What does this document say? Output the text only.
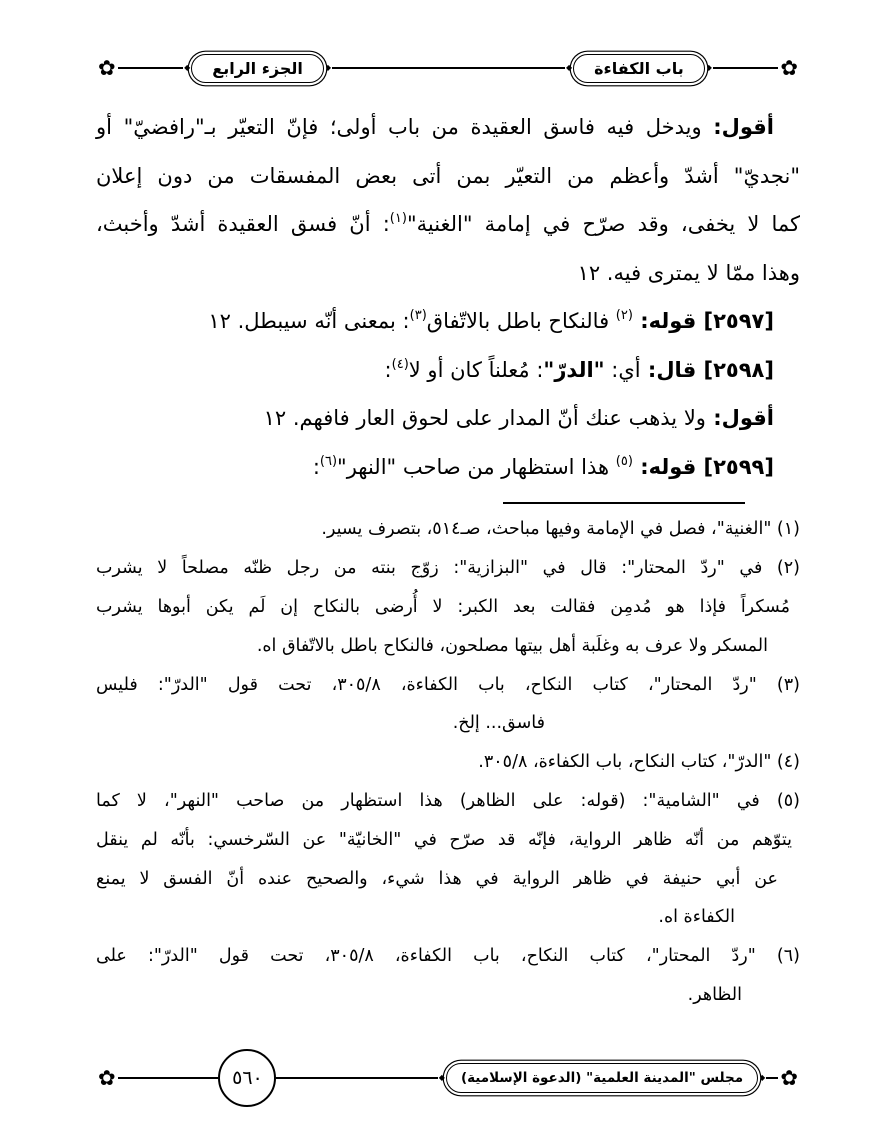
✿
◆
باب الكفاءة
◆
◆
الجزء الرابع
◆
✿
أقول: ويدخل فيه فاسق العقيدة من باب أولى؛ فإنّ التعيّر بـ"رافضيّ" أو
"نجديّ" أشدّ وأعظم من التعيّر بمن أتى بعض المفسقات من دون إعلان
كما لا يخفى، وقد صرّح في إمامة "الغنية"$^{(١)}$: أنّ فسق العقيدة أشدّ وأخبث،
وهذا ممّا لا يمترى فيه. ١٢
[٢٥٩٧] قوله: $^{(٢)}$ فالنكاح باطل بالاتّفاق$^{(٣)}$: بمعنى أنّه سيبطل. ١٢
[٢٥٩٨] قال: أي: "الدرّ": مُعلناً كان أو لا$^{(٤)}$:
أقول: ولا يذهب عنك أنّ المدار على لحوق العار فافهم. ١٢
[٢٥٩٩] قوله: $^{(٥)}$ هذا استظهار من صاحب "النهر"$^{(٦)}$:
(١) "الغنية"، فصل في الإمامة وفيها مباحث، صـ٥١٤، بتصرف يسير.
(٢) في "ردّ المحتار": قال في "البزازية": زوّج بنته من رجل ظنّه مصلحاً لا يشرب
مُسكراً فإذا هو مُدمِن فقالت بعد الكبر: لا أُرضى بالنكاح إن لَم يكن أبوها يشرب
المسكر ولا عرف به وغلَبة أهل بيتها مصلحون، فالنكاح باطل بالاتّفاق اه.
(٣) "ردّ المحتار"، كتاب النكاح، باب الكفاءة، ٣٠٥/٨، تحت قول "الدرّ": فليس
فاسق... إلخ.
(٤) "الدرّ"، كتاب النكاح، باب الكفاءة، ٣٠٥/٨.
(٥) في "الشامية": (قوله: على الظاهر) هذا استظهار من صاحب "النهر"، لا كما
يتوّهم من أنّه ظاهر الرواية، فإنّه قد صرّح في "الخانيّة" عن السّرخسي: بأنّه لم ينقل
عن أبي حنيفة في ظاهر الرواية في هذا شيء، والصحيح عنده أنّ الفسق لا يمنع
الكفاءة اه.
(٦) "ردّ المحتار"، كتاب النكاح، باب الكفاءة، ٣٠٥/٨، تحت قول "الدرّ": على
الظاهر.
✿
◆
مجلس "المدينة العلمية" (الدعوة الإسلامية)
◆
٥٦٠
✿
